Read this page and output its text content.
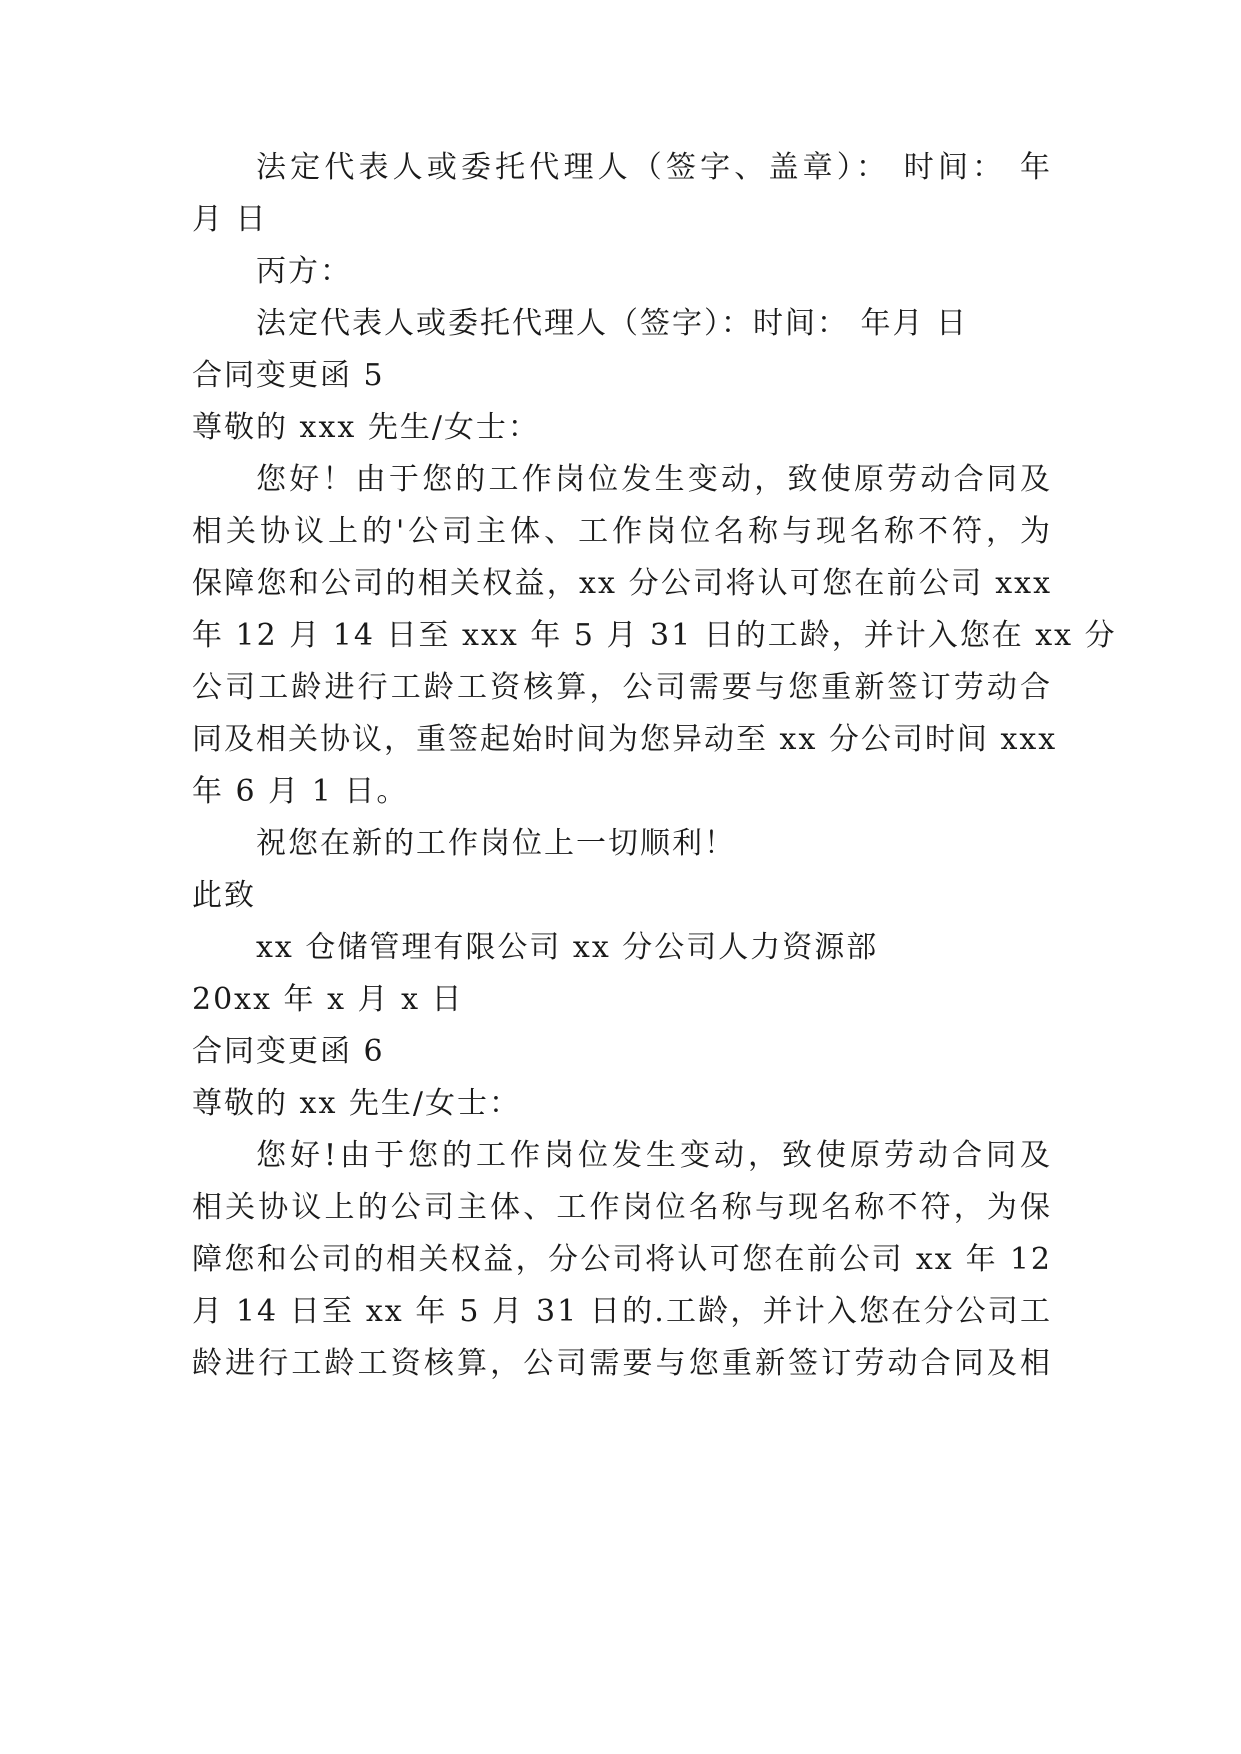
法定代表人或委托代理人（签字、盖章）： 时间： 年
月 日
丙方：
法定代表人或委托代理人（签字）：时间： 年月 日
合同变更函 5
尊敬的 xxx 先生/女士：
您好！由于您的工作岗位发生变动，致使原劳动合同及
相关协议上的'公司主体、工作岗位名称与现名称不符，为
保障您和公司的相关权益，xx 分公司将认可您在前公司 xxx
年 12 月 14 日至 xxx 年 5 月 31 日的工龄，并计入您在 xx 分
公司工龄进行工龄工资核算，公司需要与您重新签订劳动合
同及相关协议，重签起始时间为您异动至 xx 分公司时间 xxx
年 6 月 1 日。
祝您在新的工作岗位上一切顺利！
此致
xx 仓储管理有限公司 xx 分公司人力资源部
20xx 年 x 月 x 日
合同变更函 6
尊敬的 xx 先生/女士：
您好!由于您的工作岗位发生变动，致使原劳动合同及
相关协议上的公司主体、工作岗位名称与现名称不符，为保
障您和公司的相关权益，分公司将认可您在前公司 xx 年 12
月 14 日至 xx 年 5 月 31 日的.工龄，并计入您在分公司工
龄进行工龄工资核算，公司需要与您重新签订劳动合同及相
